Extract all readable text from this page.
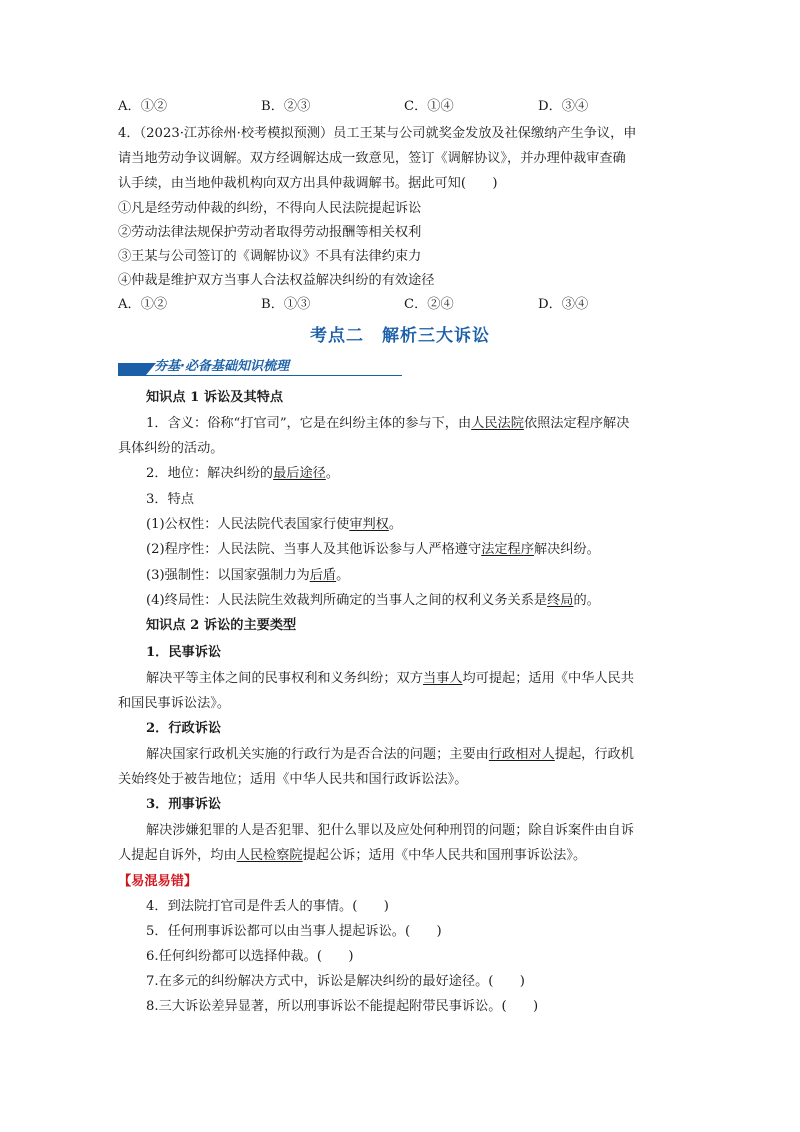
A．①②	B．②③	C．①④	D．③④
4．（2023·江苏徐州·校考模拟预测）员工王某与公司就奖金发放及社保缴纳产生争议，申
请当地劳动争议调解。双方经调解达成一致意见，签订《调解协议》，并办理仲裁审查确
认手续，由当地仲裁机构向双方出具仲裁调解书。据此可知(　　)
①凡是经劳动仲裁的纠纷，不得向人民法院提起诉讼
②劳动法律法规保护劳动者取得劳动报酬等相关权利
③王某与公司签订的《调解协议》不具有法律约束力
④仲裁是维护双方当事人合法权益解决纠纷的有效途径
A．①②	B．①③	C．②④	D．③④
考点二　解析三大诉讼
夯基·必备基础知识梳理
知识点 1 诉讼及其特点
1．含义：俗称“打官司”，它是在纠纷主体的参与下，由人民法院依照法定程序解决
具体纠纷的活动。
2．地位：解决纠纷的最后途径。
3．特点
(1)公权性：人民法院代表国家行使审判权。
(2)程序性：人民法院、当事人及其他诉讼参与人严格遵守法定程序解决纠纷。
(3)强制性：以国家强制力为后盾。
(4)终局性：人民法院生效裁判所确定的当事人之间的权利义务关系是终局的。
知识点 2 诉讼的主要类型
1．民事诉讼
解决平等主体之间的民事权利和义务纠纷；双方当事人均可提起；适用《中华人民共
和国民事诉讼法》。
2．行政诉讼
解决国家行政机关实施的行政行为是否合法的问题；主要由行政相对人提起，行政机
关始终处于被告地位；适用《中华人民共和国行政诉讼法》。
3．刑事诉讼
解决涉嫌犯罪的人是否犯罪、犯什么罪以及应处何种刑罚的问题；除自诉案件由自诉
人提起自诉外，均由人民检察院提起公诉；适用《中华人民共和国刑事诉讼法》。
【易混易错】
4．到法院打官司是件丢人的事情。(　　)
5．任何刑事诉讼都可以由当事人提起诉讼。(　　)
6.任何纠纷都可以选择仲裁。(　　)
7.在多元的纠纷解决方式中，诉讼是解决纠纷的最好途径。(　　)
8.三大诉讼差异显著，所以刑事诉讼不能提起附带民事诉讼。(　　)
